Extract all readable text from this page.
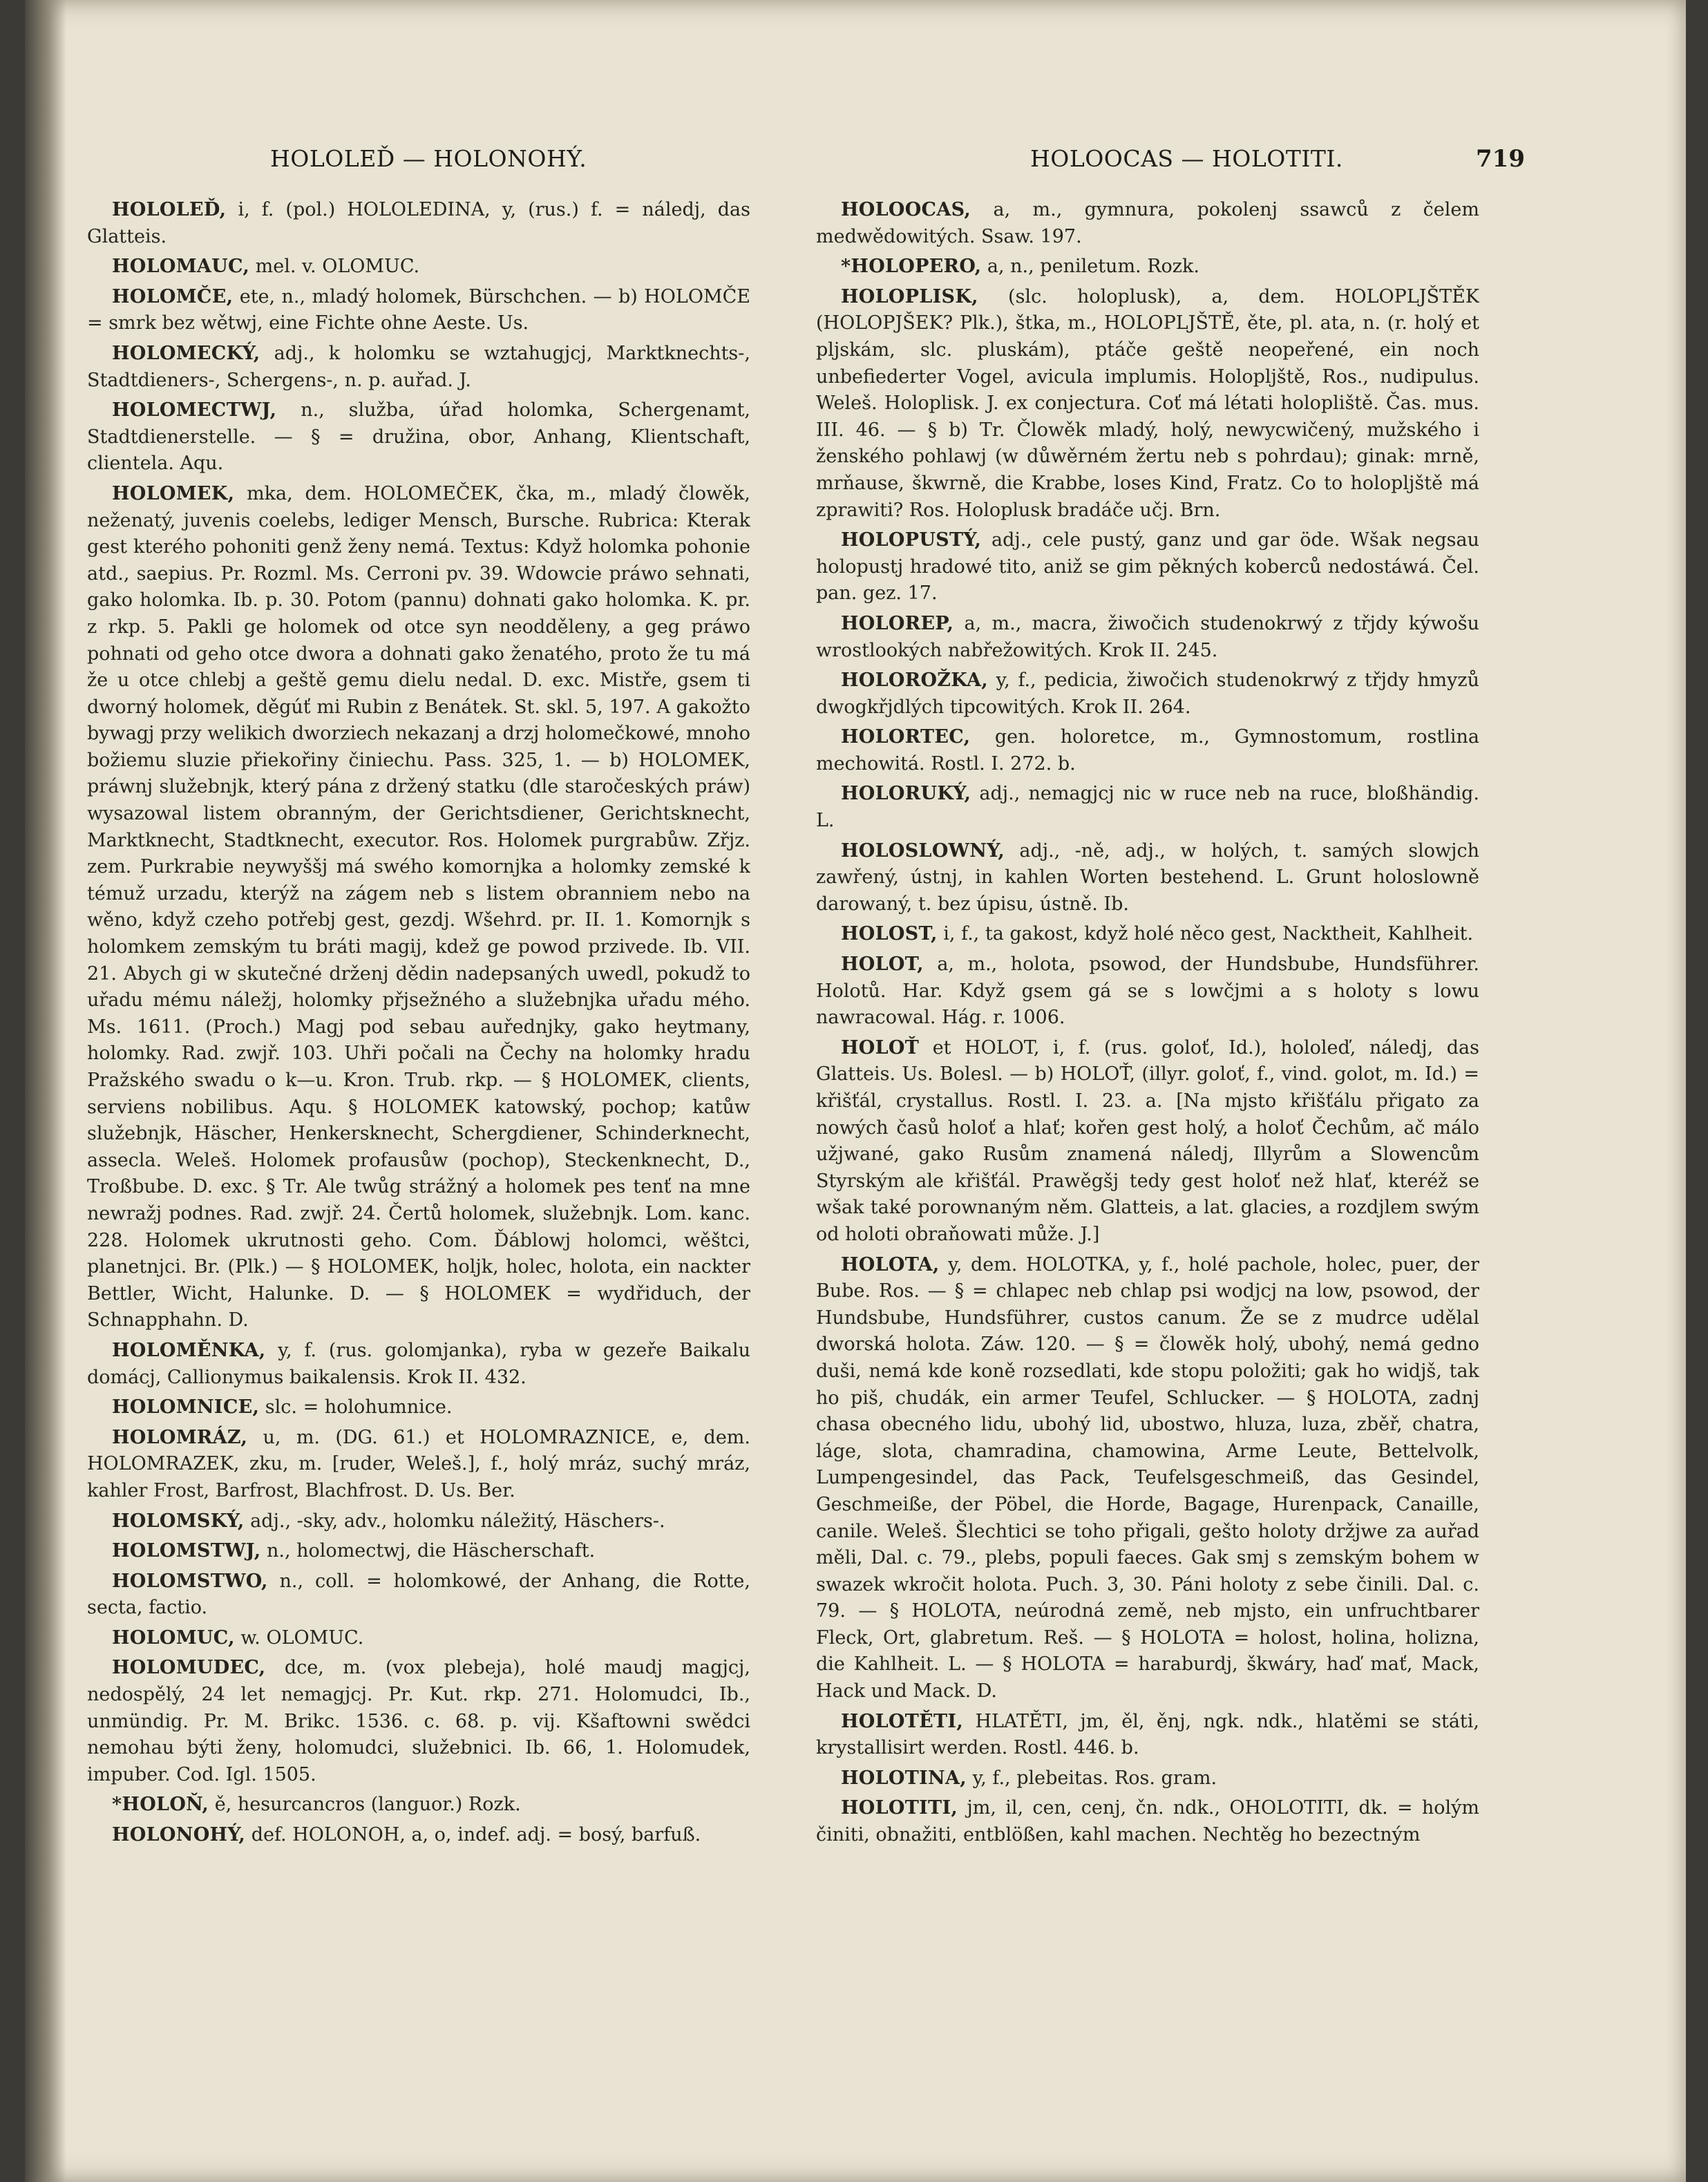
HOLOLEĎ — HOLONOHÝ.	HOLOOCAS — HOLOTITI.	719

HOLOLEĎ, i, f. (pol.) HOLOLEDINA, y, (rus.) f. = náledj, das Glatteis.

HOLOMAUC, mel. v. OLOMUC.

HOLOMČE, ete, n., mladý holomek, Bürschchen. — b) HOLOMČE = smrk bez wětwj, eine Fichte ohne Aeste. Us.

HOLOMECKÝ, adj., k holomku se wztahugjcj, Marktknechts-, Stadtdieners-, Schergens-, n. p. auřad. J.

HOLOMECTWJ, n., služba, úřad holomka, Schergenamt, Stadtdienerstelle. — § = družina, obor, Anhang, Klientschaft, clientela. Aqu.

HOLOMEK, mka, dem. HOLOMEČEK, čka, m., mladý člowěk, neženatý, juvenis coelebs, lediger Mensch, Bursche. Rubrica: Kterak gest kterého pohoniti genž ženy nemá. Textus: Když holomka pohonie atd., saepius. Pr. Rozml. Ms. Cerroni pv. 39. Wdowcie práwo sehnati, gako holomka. Ib. p. 30. Potom (pannu) dohnati gako holomka. K. pr. z rkp. 5. Pakli ge holomek od otce syn neodděleny, a geg práwo pohnati od geho otce dwora a dohnati gako ženatého, proto že tu má že u otce chlebj a geště gemu dielu nedal. D. exc. Mistře, gsem ti dworný holomek, děgúť mi Rubin z Benátek. St. skl. 5, 197. A gakožto bywagj przy welikich dworziech nekazanj a drzj holomečkowé, mnoho božiemu sluzie přiekořiny činiechu. Pass. 325, 1. — b) HOLOMEK, práwnj služebnjk, který pána z držený statku (dle staročeských práw) wysazowal listem obranným, der Gerichtsdiener, Gerichtsknecht, Marktknecht, Stadtknecht, executor. Ros. Holomek purgrabůw. Zřjz. zem. Purkrabie neywyššj má swého komornjka a holomky zemské k témuž urzadu, kterýž na zágem neb s listem obranniem nebo na wěno, když czeho potřebj gest, gezdj. Wšehrd. pr. II. 1. Komornjk s holomkem zemským tu bráti magij, kdež ge powod przivede. Ib. VII. 21. Abych gi w skutečné drženj dědin nadepsaných uwedl, pokudž to uřadu mému náležj, holomky přjsežného a služebnjka uřadu mého. Ms. 1611. (Proch.) Magj pod sebau auřednjky, gako heytmany, holomky. Rad. zwjř. 103. Uhři počali na Čechy na holomky hradu Pražského swadu o k—u. Kron. Trub. rkp. — § HOLOMEK, clients, serviens nobilibus. Aqu. § HOLOMEK katowský, pochop; katůw služebnjk, Häscher, Henkersknecht, Schergdiener, Schinderknecht, assecla. Weleš. Holomek profausůw (pochop), Steckenknecht, D., Troßbube. D. exc. § Tr. Ale twůg strážný a holomek pes tenť na mne newražj podnes. Rad. zwjř. 24. Čertů holomek, služebnjk. Lom. kanc. 228. Holomek ukrutnosti geho. Com. Ďáblowj holomci, wěštci, planetnjci. Br. (Plk.) — § HOLOMEK, holjk, holec, holota, ein nackter Bettler, Wicht, Halunke. D. — § HOLOMEK = wydřiduch, der Schnapphahn. D.

HOLOMĚNKA, y, f. (rus. golomjanka), ryba w gezeře Baikalu domácj, Callionymus baikalensis. Krok II. 432.

HOLOMNICE, slc. = holohumnice.

HOLOMRÁZ, u, m. (DG. 61.) et HOLOMRAZNICE, e, dem. HOLOMRAZEK, zku, m. [ruder, Weleš.], f., holý mráz, suchý mráz, kahler Frost, Barfrost, Blachfrost. D. Us. Ber.

HOLOMSKÝ, adj., -sky, adv., holomku náležitý, Häschers-.

HOLOMSTWJ, n., holomectwj, die Häscherschaft.

HOLOMSTWO, n., coll. = holomkowé, der Anhang, die Rotte, secta, factio.

HOLOMUC, w. OLOMUC.

HOLOMUDEC, dce, m. (vox plebeja), holé maudj magjcj, nedospělý, 24 let nemagjcj. Pr. Kut. rkp. 271. Holomudci, Ib., unmündig. Pr. M. Brikc. 1536. c. 68. p. vij. Kšaftowni swědci nemohau býti ženy, holomudci, služebnici. Ib. 66, 1. Holomudek, impuber. Cod. Igl. 1505.

*HOLOŇ, ě, hesurcancros (languor.) Rozk.

HOLONOHÝ, def. HOLONOH, a, o, indef. adj. = bosý, barfuß.

HOLOOCAS, a, m., gymnura, pokolenj ssawců z čelem medwědowitých. Ssaw. 197.

*HOLOPERO, a, n., peniletum. Rozk.

HOLOPLISK, (slc. holoplusk), a, dem. HOLOPLJŠTĚK (HOLOPJŠEK? Plk.), štka, m., HOLOPLJŠTĚ, ěte, pl. ata, n. (r. holý et pljskám, slc. pluskám), ptáče geště neopeřené, ein noch unbefiederter Vogel, avicula implumis. Holopljště, Ros., nudipulus. Weleš. Holoplisk. J. ex conjectura. Coť má létati holopliště. Čas. mus. III. 46. — § b) Tr. Člowěk mladý, holý, newycwičený, mužského i ženského pohlawj (w důwěrném žertu neb s pohrdau); ginak: mrně, mrňause, škwrně, die Krabbe, loses Kind, Fratz. Co to holopljště má zprawiti? Ros. Holoplusk bradáče učj. Brn.

HOLOPUSTÝ, adj., cele pustý, ganz und gar öde. Wšak negsau holopustj hradowé tito, aniž se gim pěkných koberců nedostáwá. Čel. pan. gez. 17.

HOLOREP, a, m., macra, žiwočich studenokrwý z třjdy kýwošu wrostlookých nabřežowitých. Krok II. 245.

HOLOROŽKA, y, f., pedicia, žiwočich studenokrwý z třjdy hmyzů dwogkřjdlých tipcowitých. Krok II. 264.

HOLORTEC, gen. holoretce, m., Gymnostomum, rostlina mechowitá. Rostl. I. 272. b.

HOLORUKÝ, adj., nemagjcj nic w ruce neb na ruce, bloßhändig. L.

HOLOSLOWNÝ, adj., -ně, adj., w holých, t. samých slowjch zawřený, ústnj, in kahlen Worten bestehend. L. Grunt holoslowně darowaný, t. bez úpisu, ústně. Ib.

HOLOST, i, f., ta gakost, když holé něco gest, Nacktheit, Kahlheit.

HOLOT, a, m., holota, psowod, der Hundsbube, Hundsführer. Holotů. Har. Když gsem gá se s lowčjmi a s holoty s lowu nawracowal. Hág. r. 1006.

HOLOŤ et HOLOT, i, f. (rus. goloť, Id.), hololeď, náledj, das Glatteis. Us. Bolesl. — b) HOLOŤ, (illyr. goloť, f., vind. golot, m. Id.) = křišťál, crystallus. Rostl. I. 23. a. [Na mjsto křišťálu přigato za nowých časů holoť a hlať; kořen gest holý, a holoť Čechům, ač málo užjwané, gako Rusům znamená náledj, Illyrům a Slowencům Styrským ale křišťál. Prawěgšj tedy gest holoť než hlať, kteréž se wšak také porownaným něm. Glatteis, a lat. glacies, a rozdjlem swým od holoti obraňowati může. J.]

HOLOTA, y, dem. HOLOTKA, y, f., holé pachole, holec, puer, der Bube. Ros. — § = chlapec neb chlap psi wodjcj na low, psowod, der Hundsbube, Hundsführer, custos canum. Že se z mudrce udělal dworská holota. Záw. 120. — § = člowěk holý, ubohý, nemá gedno duši, nemá kde koně rozsedlati, kde stopu položiti; gak ho widjš, tak ho piš, chudák, ein armer Teufel, Schlucker. — § HOLOTA, zadnj chasa obecného lidu, ubohý lid, ubostwo, hluza, luza, zběř, chatra, láge, slota, chamradina, chamowina, Arme Leute, Bettelvolk, Lumpengesindel, das Pack, Teufelsgeschmeiß, das Gesindel, Geschmeiße, der Pöbel, die Horde, Bagage, Hurenpack, Canaille, canile. Weleš. Šlechtici se toho přigali, gešto holoty držjwe za auřad měli, Dal. c. 79., plebs, populi faeces. Gak smj s zemským bohem w swazek wkročit holota. Puch. 3, 30. Páni holoty z sebe činili. Dal. c. 79. — § HOLOTA, neúrodná země, neb mjsto, ein unfruchtbarer Fleck, Ort, glabretum. Reš. — § HOLOTA = holost, holina, holizna, die Kahlheit. L. — § HOLOTA = haraburdj, škwáry, haď mať, Mack, Hack und Mack. D.

HOLOTĚTI, HLATĚTI, jm, ěl, ěnj, ngk. ndk., hlatěmi se státi, krystallisirt werden. Rostl. 446. b.

HOLOTINA, y, f., plebeitas. Ros. gram.

HOLOTITI, jm, il, cen, cenj, čn. ndk., OHOLOTITI, dk. = holým činiti, obnažiti, entblößen, kahl machen. Nechtěg ho bezectným
